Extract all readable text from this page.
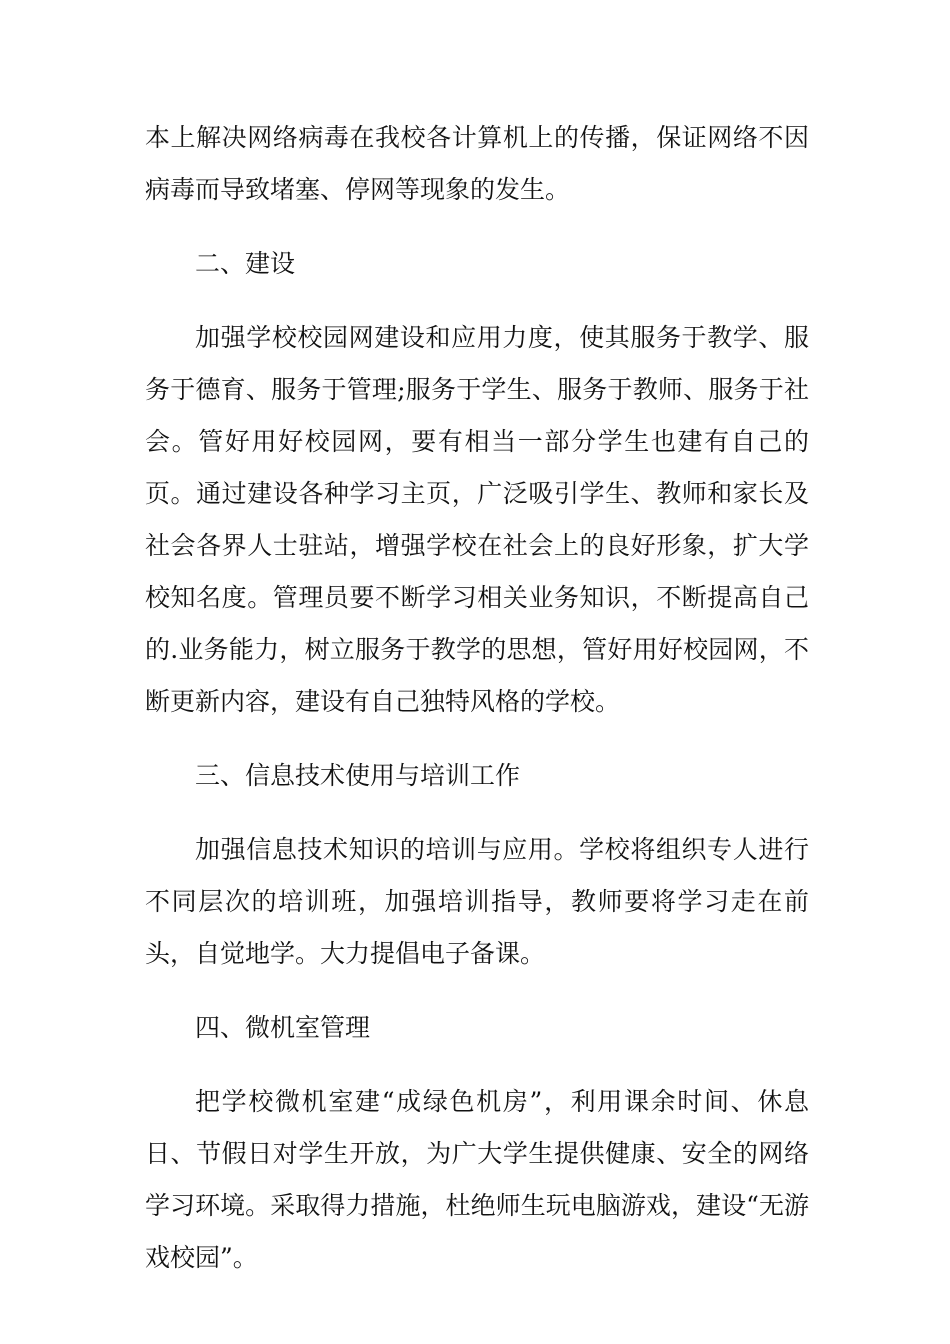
本上解决网络病毒在我校各计算机上的传播，保证网络不因病毒而导致堵塞、停网等现象的发生。

二、建设

加强学校校园网建设和应用力度，使其服务于教学、服务于德育、服务于管理;服务于学生、服务于教师、服务于社会。管好用好校园网，要有相当一部分学生也建有自己的页。通过建设各种学习主页，广泛吸引学生、教师和家长及社会各界人士驻站，增强学校在社会上的良好形象，扩大学校知名度。管理员要不断学习相关业务知识，不断提高自己的.业务能力，树立服务于教学的思想，管好用好校园网，不断更新内容，建设有自己独特风格的学校。

三、信息技术使用与培训工作

加强信息技术知识的培训与应用。学校将组织专人进行不同层次的培训班，加强培训指导，教师要将学习走在前头，自觉地学。大力提倡电子备课。

四、微机室管理

把学校微机室建“成绿色机房”，利用课余时间、休息日、节假日对学生开放，为广大学生提供健康、安全的网络学习环境。采取得力措施，杜绝师生玩电脑游戏，建设“无游戏校园”。
